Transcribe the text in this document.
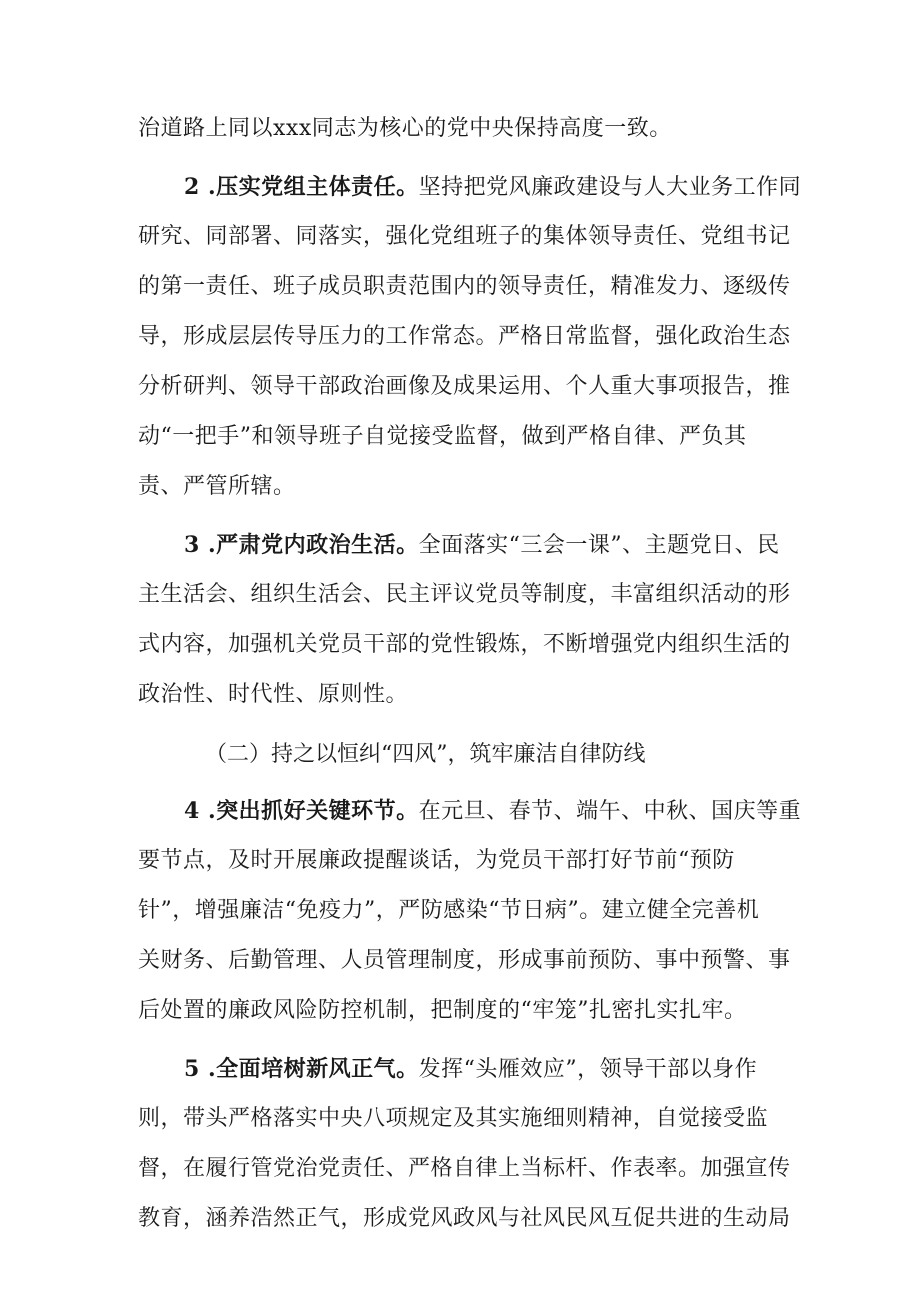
治道路上同以xxx同志为核心的党中央保持高度一致。
2 .压实党组主体责任。坚持把党风廉政建设与人大业务工作同
研究、同部署、同落实，强化党组班子的集体领导责任、党组书记
的第一责任、班子成员职责范围内的领导责任，精准发力、逐级传
导，形成层层传导压力的工作常态。严格日常监督，强化政治生态
分析研判、领导干部政治画像及成果运用、个人重大事项报告，推
动“一把手”和领导班子自觉接受监督，做到严格自律、严负其
责、严管所辖。
3 .严肃党内政治生活。全面落实“三会一课”、主题党日、民
主生活会、组织生活会、民主评议党员等制度，丰富组织活动的形
式内容，加强机关党员干部的党性锻炼，不断增强党内组织生活的
政治性、时代性、原则性。
（二）持之以恒纠“四风”，筑牢廉洁自律防线
4 .突出抓好关键环节。在元旦、春节、端午、中秋、国庆等重
要节点，及时开展廉政提醒谈话，为党员干部打好节前“预防
针”，增强廉洁“免疫力”，严防感染“节日病”。建立健全完善机
关财务、后勤管理、人员管理制度，形成事前预防、事中预警、事
后处置的廉政风险防控机制，把制度的“牢笼”扎密扎实扎牢。
5 .全面培树新风正气。发挥“头雁效应”，领导干部以身作
则，带头严格落实中央八项规定及其实施细则精神，自觉接受监
督，在履行管党治党责任、严格自律上当标杆、作表率。加强宣传
教育，涵养浩然正气，形成党风政风与社风民风互促共进的生动局
